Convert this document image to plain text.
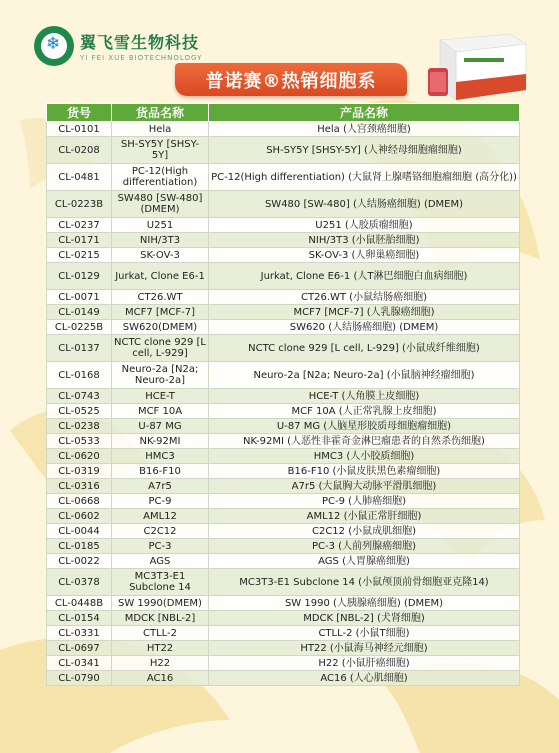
❄
翼飞雪生物科技
YI FEI XUE BIOTECHNOLOGY
普诺赛®热销细胞系
货号	货品名称	产品名称
CL-0101	Hela	Hela (人宫颈癌细胞)
CL-0208	SH-SY5Y [SHSY-5Y]	SH-SY5Y [SHSY-5Y] (人神经母细胞瘤细胞)
CL-0481	PC-12(High differentiation)	PC-12(High differentiation) (大鼠肾上腺嗜铬细胞瘤细胞 (高分化))
CL-0223B	SW480 [SW-480] (DMEM)	SW480 [SW-480] (人结肠癌细胞) (DMEM)
CL-0237	U251	U251 (人胶质瘤细胞)
CL-0171	NIH/3T3	NIH/3T3 (小鼠胚胎细胞)
CL-0215	SK-OV-3	SK-OV-3 (人卵巢癌细胞)
CL-0129	Jurkat, Clone E6-1	Jurkat, Clone E6-1 (人T淋巴细胞白血病细胞)
CL-0071	CT26.WT	CT26.WT (小鼠结肠癌细胞)
CL-0149	MCF7 [MCF-7]	MCF7 [MCF-7] (人乳腺癌细胞)
CL-0225B	SW620(DMEM)	SW620 (人结肠癌细胞) (DMEM)
CL-0137	NCTC clone 929 [L cell, L-929]	NCTC clone 929 [L cell, L-929] (小鼠成纤维细胞)
CL-0168	Neuro-2a [N2a; Neuro-2a]	Neuro-2a [N2a; Neuro-2a] (小鼠脑神经瘤细胞)
CL-0743	HCE-T	HCE-T (人角膜上皮细胞)
CL-0525	MCF 10A	MCF 10A (人正常乳腺上皮细胞)
CL-0238	U-87 MG	U-87 MG (人脑星形胶质母细胞瘤细胞)
CL-0533	NK-92MI	NK-92MI (人恶性非霍奇金淋巴瘤患者的自然杀伤细胞)
CL-0620	HMC3	HMC3 (人小胶质细胞)
CL-0319	B16-F10	B16-F10 (小鼠皮肤黑色素瘤细胞)
CL-0316	A7r5	A7r5 (大鼠胸大动脉平滑肌细胞)
CL-0668	PC-9	PC-9 (人肺癌细胞)
CL-0602	AML12	AML12 (小鼠正常肝细胞)
CL-0044	C2C12	C2C12 (小鼠成肌细胞)
CL-0185	PC-3	PC-3 (人前列腺癌细胞)
CL-0022	AGS	AGS (人胃腺癌细胞)
CL-0378	MC3T3-E1 Subclone 14	MC3T3-E1 Subclone 14 (小鼠颅顶前骨细胞亚克隆14)
CL-0448B	SW 1990(DMEM)	SW 1990 (人胰腺癌细胞) (DMEM)
CL-0154	MDCK [NBL-2]	MDCK [NBL-2] (犬肾细胞)
CL-0331	CTLL-2	CTLL-2 (小鼠T细胞)
CL-0697	HT22	HT22 (小鼠海马神经元细胞)
CL-0341	H22	H22 (小鼠肝癌细胞)
CL-0790	AC16	AC16 (人心肌细胞)
